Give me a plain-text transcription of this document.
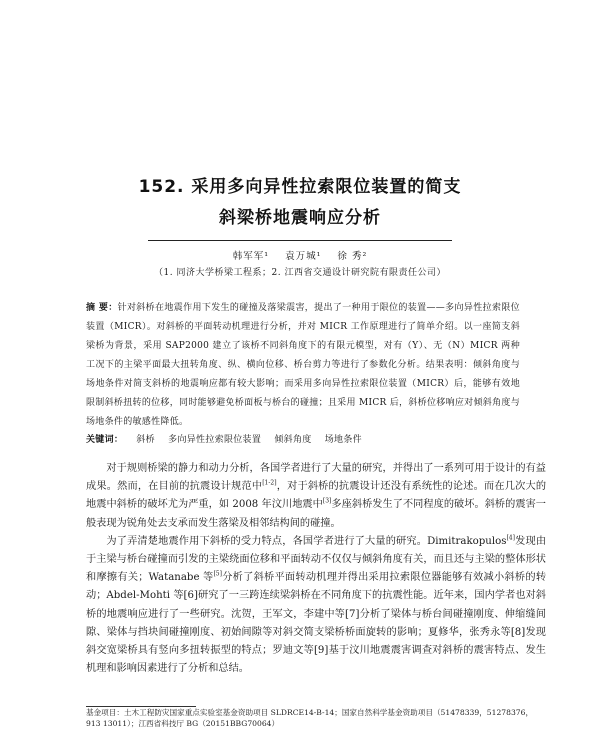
152. 采用多向异性拉索限位装置的简支
斜梁桥地震响应分析
韩军军¹ 袁万城¹ 徐 秀²
（1. 同济大学桥梁工程系；2. 江西省交通设计研究院有限责任公司）
摘 要：针对斜桥在地震作用下发生的碰撞及落梁震害，提出了一种用于限位的装置——多向异性拉索限位装置（MICR）。对斜桥的平面转动机理进行分析，并对 MICR 工作原理进行了简单介绍。以一座简支斜梁桥为背景，采用 SAP2000 建立了该桥不同斜角度下的有限元模型，对有（Y）、无（N）MICR 两种工况下的主梁平面最大扭转角度、纵、横向位移、桥台剪力等进行了参数化分析。结果表明：倾斜角度与场地条件对简支斜桥的地震响应都有较大影响；而采用多向异性拉索限位装置（MICR）后，能够有效地限制斜桥扭转的位移，同时能够避免桥面板与桥台的碰撞；且采用 MICR 后，斜桥位移响应对倾斜角度与场地条件的敏感性降低。
关键词： 斜桥 多向异性拉索限位装置 倾斜角度 场地条件

对于规则桥梁的静力和动力分析，各国学者进行了大量的研究，并得出了一系列可用于设计的有益成果。然而，在目前的抗震设计规范中[1-2]，对于斜桥的抗震设计还没有系统性的论述。而在几次大的地震中斜桥的破坏尤为严重，如 2008 年汶川地震中[3]多座斜桥发生了不同程度的破坏。斜桥的震害一般表现为锐角处去支承而发生落梁及相邻结构间的碰撞。

为了弄清楚地震作用下斜桥的受力特点，各国学者进行了大量的研究。Dimitrakopulos[4]发现由于主梁与桥台碰撞而引发的主梁绕面位移和平面转动不仅仅与倾斜角度有关，而且还与主梁的整体形状和摩擦有关；Watanabe 等[5]分析了斜桥平面转动机理并得出采用拉索限位器能够有效减小斜桥的转动；Abdel-Mohti 等[6]研究了一三跨连续梁斜桥在不同角度下的抗震性能。近年来，国内学者也对斜桥的地震响应进行了一些研究。沈贺，王军文，李建中等[7]分析了梁体与桥台间碰撞刚度、伸缩缝间隙、梁体与挡块间碰撞刚度、初始间隙等对斜交简支梁桥桥面旋转的影响；夏修华，张秀永等[8]发现斜交宽梁桥具有竖向多扭转振型的特点；罗迪文等[9]基于汶川地震震害调查对斜桥的震害特点、发生机理和影响因素进行了分析和总结。

基金项目：土木工程防灾国家重点实验室基金资助项目 SLDRCE14-B-14；国家自然科学基金资助项目（51478339，51278376，913 13011）；江西省科技厅 BG（20151BBG70064）
